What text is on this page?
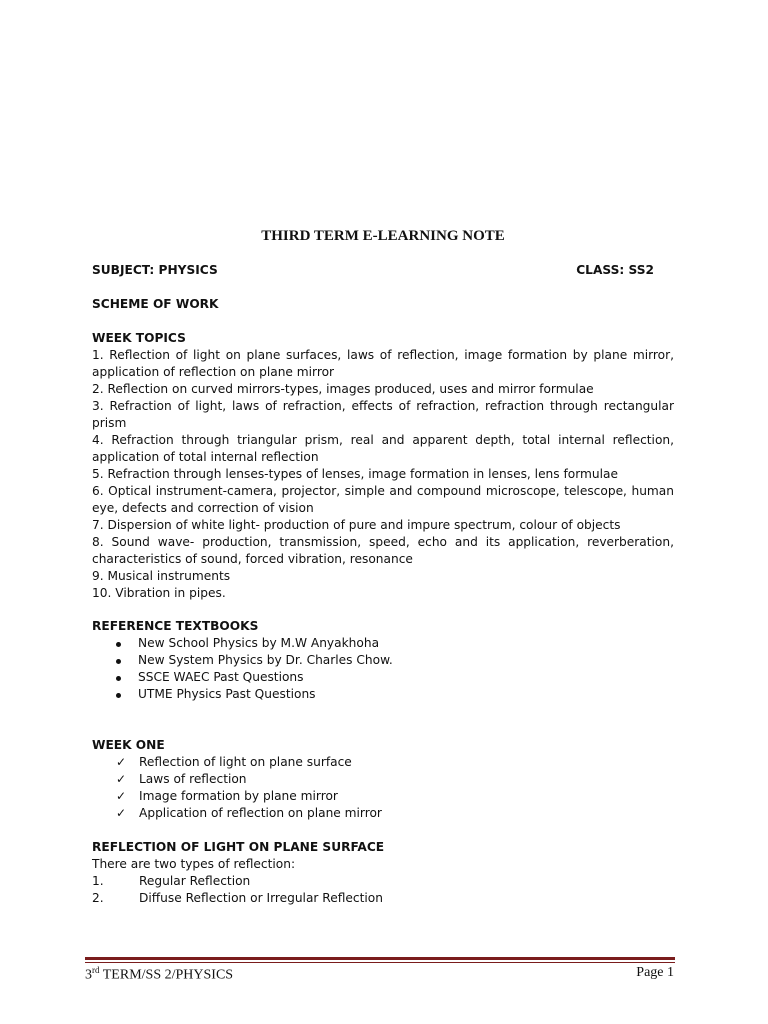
THIRD TERM E-LEARNING NOTE
SUBJECT: PHYSICS	CLASS: SS2
SCHEME OF WORK
WEEK TOPICS
1. Reflection of light on plane surfaces, laws of reflection, image formation by plane mirror, application of reflection on plane mirror
2. Reflection on curved mirrors-types, images produced, uses and mirror formulae
3. Refraction of light, laws of refraction, effects of refraction, refraction through rectangular prism
4. Refraction through triangular prism, real and apparent depth, total internal reflection, application of total internal reflection
5. Refraction through lenses-types of lenses, image formation in lenses, lens formulae
6. Optical instrument-camera, projector, simple and compound microscope, telescope, human eye, defects and correction of vision
7. Dispersion of white light- production of pure and impure spectrum, colour of objects
8. Sound wave- production, transmission, speed, echo and its application, reverberation, characteristics of sound, forced vibration, resonance
9. Musical instruments
10. Vibration in pipes.
REFERENCE TEXTBOOKS
New School Physics by M.W Anyakhoha
New System Physics by Dr. Charles Chow.
SSCE WAEC Past Questions
UTME Physics Past Questions
WEEK ONE
✓ Reflection of light on plane surface
✓ Laws of reflection
✓ Image formation by plane mirror
✓ Application of reflection on plane mirror
REFLECTION OF LIGHT ON PLANE SURFACE
There are two types of reflection:
1.	Regular Reflection
2.	Diffuse Reflection or Irregular Reflection
3rd TERM/SS 2/PHYSICS	Page 1
